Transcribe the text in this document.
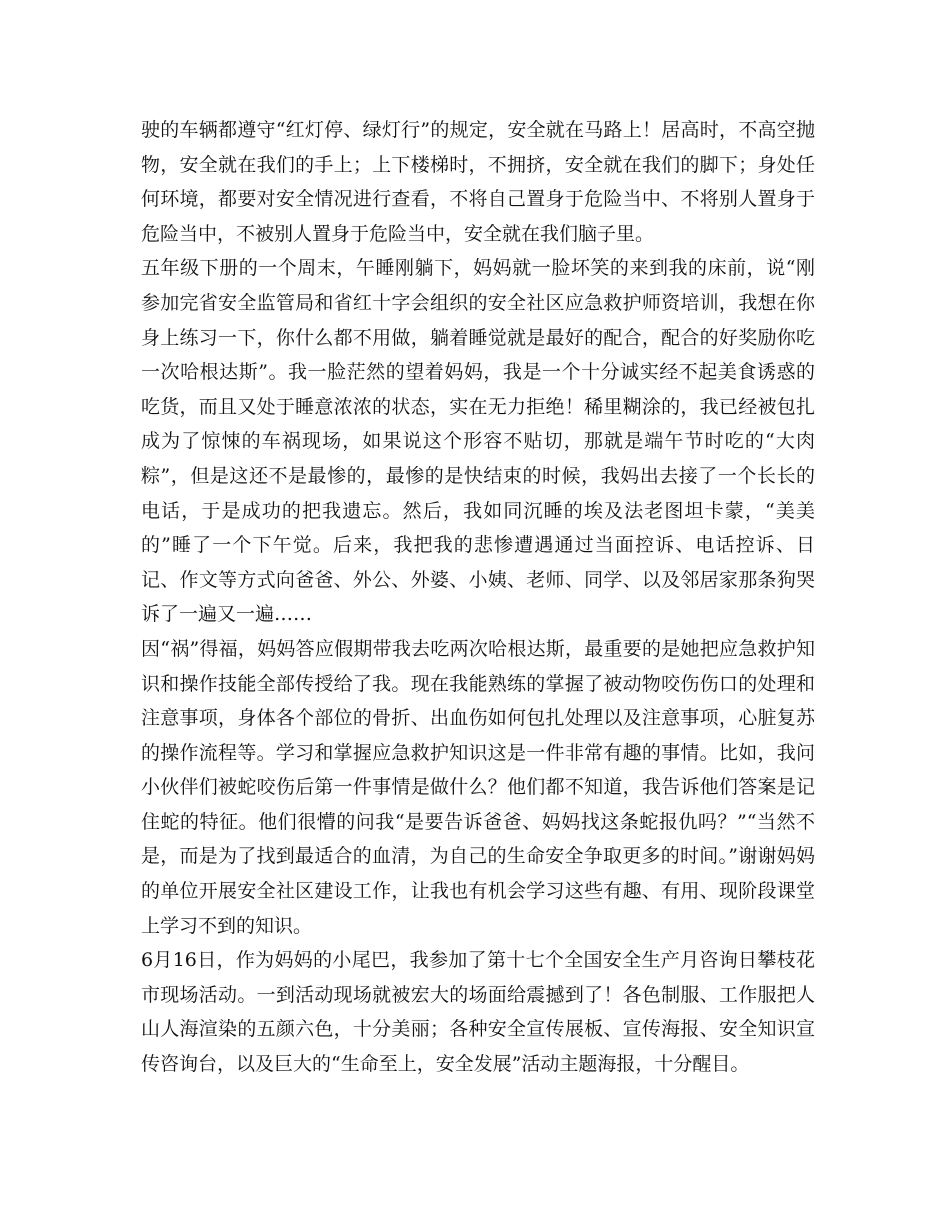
驶的车辆都遵守“红灯停、绿灯行”的规定，安全就在马路上！居高时，不高空抛物，安全就在我们的手上；上下楼梯时，不拥挤，安全就在我们的脚下；身处任何环境，都要对安全情况进行查看，不将自己置身于危险当中、不将别人置身于危险当中，不被别人置身于危险当中，安全就在我们脑子里。

五年级下册的一个周末，午睡刚躺下，妈妈就一脸坏笑的来到我的床前，说“刚参加完省安全监管局和省红十字会组织的安全社区应急救护师资培训，我想在你身上练习一下，你什么都不用做，躺着睡觉就是最好的配合，配合的好奖励你吃一次哈根达斯”。我一脸茫然的望着妈妈，我是一个十分诚实经不起美食诱惑的吃货，而且又处于睡意浓浓的状态，实在无力拒绝！稀里糊涂的，我已经被包扎成为了惊悚的车祸现场，如果说这个形容不贴切，那就是端午节时吃的“大肉粽”，但是这还不是最惨的，最惨的是快结束的时候，我妈出去接了一个长长的电话，于是成功的把我遗忘。然后，我如同沉睡的埃及法老图坦卡蒙，“美美的”睡了一个下午觉。后来，我把我的悲惨遭遇通过当面控诉、电话控诉、日记、作文等方式向爸爸、外公、外婆、小姨、老师、同学、以及邻居家那条狗哭诉了一遍又一遍……

因“祸”得福，妈妈答应假期带我去吃两次哈根达斯，最重要的是她把应急救护知识和操作技能全部传授给了我。现在我能熟练的掌握了被动物咬伤伤口的处理和注意事项，身体各个部位的骨折、出血伤如何包扎处理以及注意事项，心脏复苏的操作流程等。学习和掌握应急救护知识这是一件非常有趣的事情。比如，我问小伙伴们被蛇咬伤后第一件事情是做什么？他们都不知道，我告诉他们答案是记住蛇的特征。他们很懵的问我“是要告诉爸爸、妈妈找这条蛇报仇吗？”“当然不是，而是为了找到最适合的血清，为自己的生命安全争取更多的时间。”谢谢妈妈的单位开展安全社区建设工作，让我也有机会学习这些有趣、有用、现阶段课堂上学习不到的知识。

6月16日，作为妈妈的小尾巴，我参加了第十七个全国安全生产月咨询日攀枝花市现场活动。一到活动现场就被宏大的场面给震撼到了！各色制服、工作服把人山人海渲染的五颜六色，十分美丽；各种安全宣传展板、宣传海报、安全知识宣传咨询台，以及巨大的“生命至上，安全发展”活动主题海报，十分醒目。
